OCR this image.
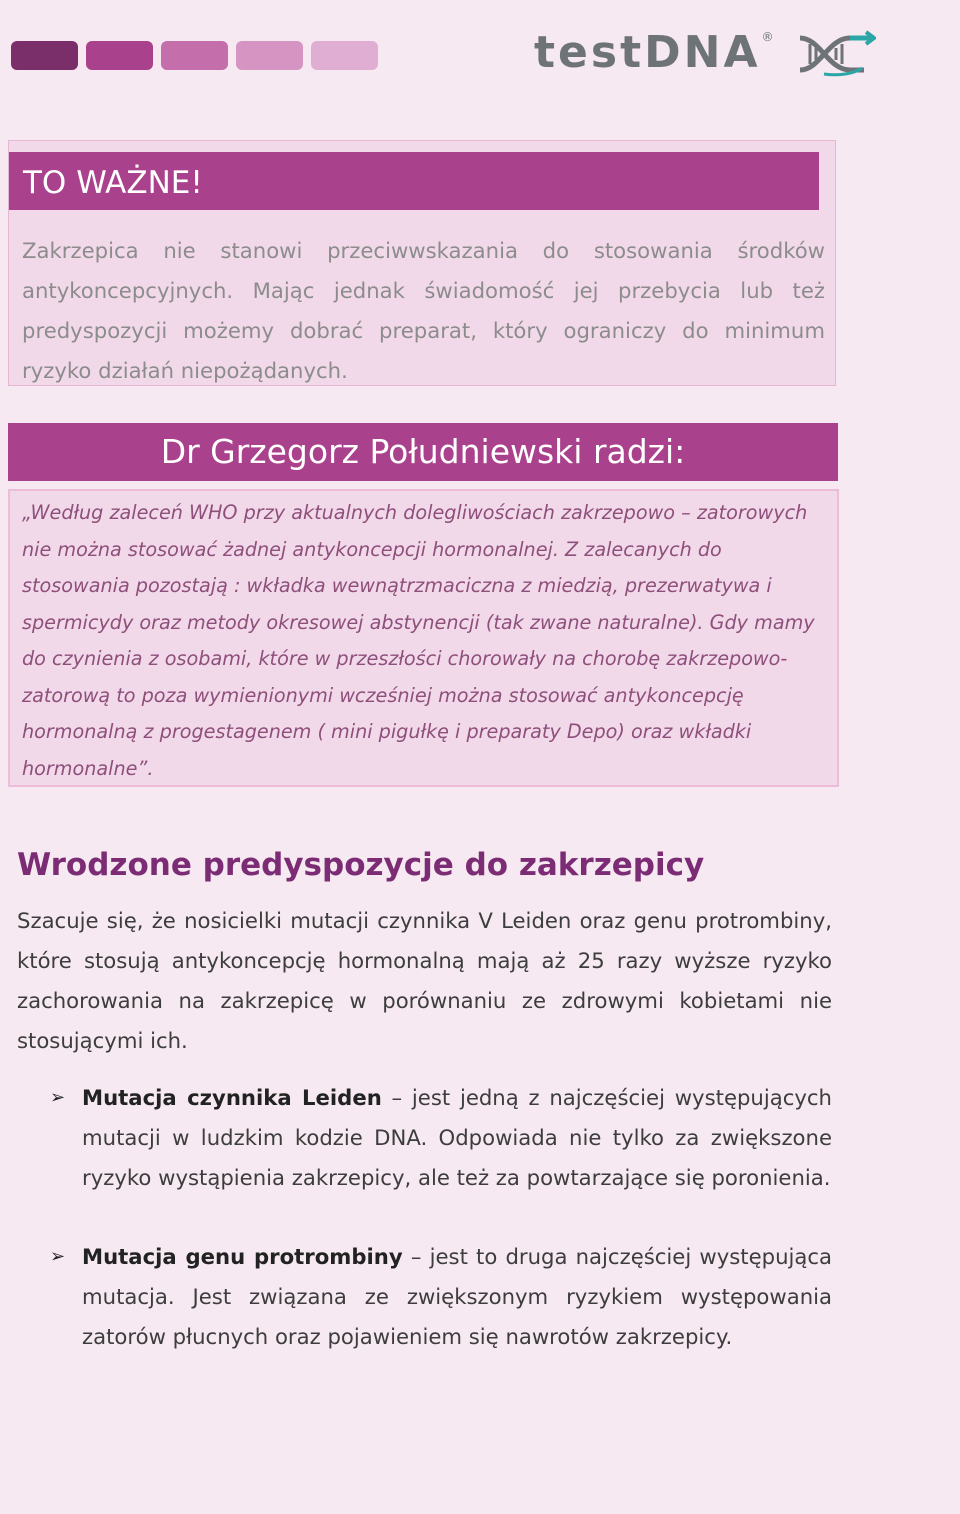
testDNA ®
TO WAŻNE!

Zakrzepica nie stanowi przeciwwskazania do stosowania środków antykoncepcyjnych. Mając jednak świadomość jej przebycia lub też predyspozycji możemy dobrać preparat, który ograniczy do minimum ryzyko działań niepożądanych.

Dr Grzegorz Południewski radzi:

„Według zaleceń WHO przy aktualnych dolegliwościach zakrzepowo – zatorowych nie można stosować żadnej antykoncepcji hormonalnej. Z zalecanych do stosowania pozostają : wkładka wewnątrzmaciczna z miedzią, prezerwatywa i spermicydy oraz metody okresowej abstynencji (tak zwane naturalne). Gdy mamy do czynienia z osobami, które w przeszłości chorowały na chorobę zakrzepowo-zatorową to poza wymienionymi wcześniej można stosować antykoncepcję hormonalną z progestagenem ( mini pigułkę i preparaty Depo) oraz wkładki hormonalne”.

Wrodzone predyspozycje do zakrzepicy

Szacuje się, że nosicielki mutacji czynnika V Leiden oraz genu protrombiny, które stosują antykoncepcję hormonalną mają aż 25 razy wyższe ryzyko zachorowania na zakrzepicę w porównaniu ze zdrowymi kobietami nie stosującymi ich.

➢ Mutacja czynnika Leiden – jest jedną z najczęściej występujących mutacji w ludzkim kodzie DNA. Odpowiada nie tylko za zwiększone ryzyko wystąpienia zakrzepicy, ale też za powtarzające się poronienia.

➢ Mutacja genu protrombiny – jest to druga najczęściej występująca mutacja. Jest związana ze zwiększonym ryzykiem występowania zatorów płucnych oraz pojawieniem się nawrotów zakrzepicy.
